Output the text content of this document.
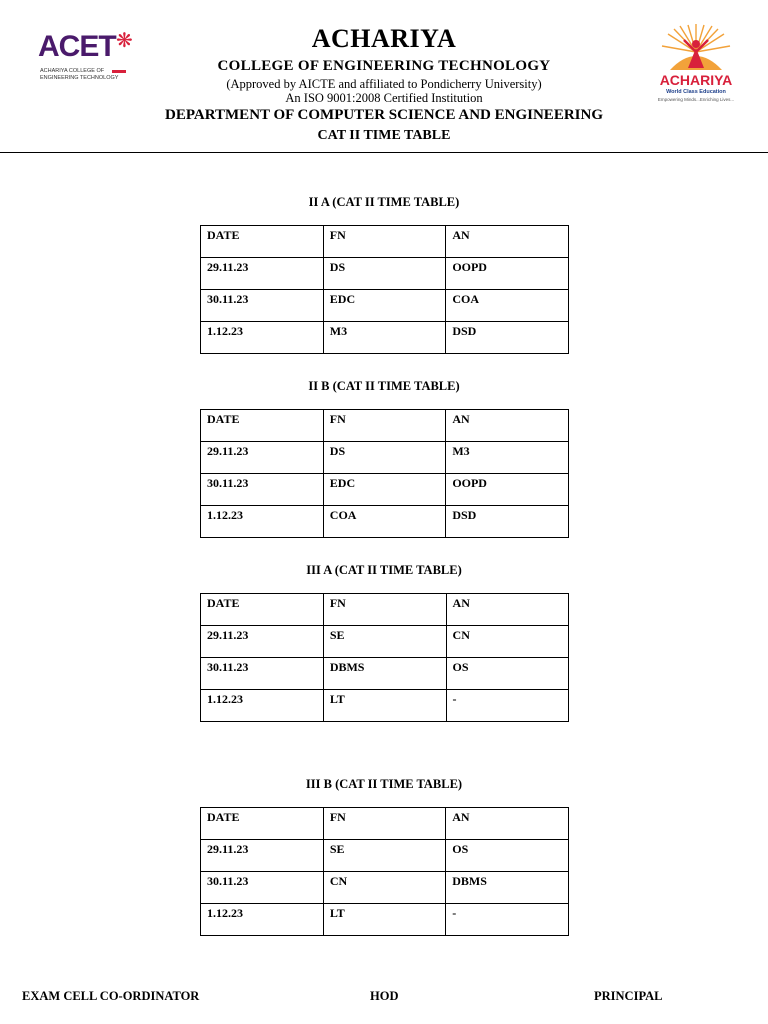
ACET ❋
ACHARIYA COLLEGE OF
ENGINEERING TECHNOLOGY	ACHARIYA
World Class Education
Empowering Minds...Enriching Lives...
ACHARIYA
COLLEGE OF ENGINEERING TECHNOLOGY
(Approved by AICTE and affiliated to Pondicherry University)
An ISO 9001:2008 Certified Institution
DEPARTMENT OF COMPUTER SCIENCE AND ENGINEERING
CAT II TIME TABLE
II A (CAT II TIME TABLE)
DATE	FN	AN
29.11.23	DS	OOPD
30.11.23	EDC	COA
1.12.23	M3	DSD
II B (CAT II TIME TABLE)
DATE	FN	AN
29.11.23	DS	M3
30.11.23	EDC	OOPD
1.12.23	COA	DSD
III A (CAT II TIME TABLE)
DATE	FN	AN
29.11.23	SE	CN
30.11.23	DBMS	OS
1.12.23	LT	-
III B (CAT II TIME TABLE)
DATE	FN	AN
29.11.23	SE	OS
30.11.23	CN	DBMS
1.12.23	LT	-
EXAM CELL CO-ORDINATOR	HOD	PRINCIPAL
